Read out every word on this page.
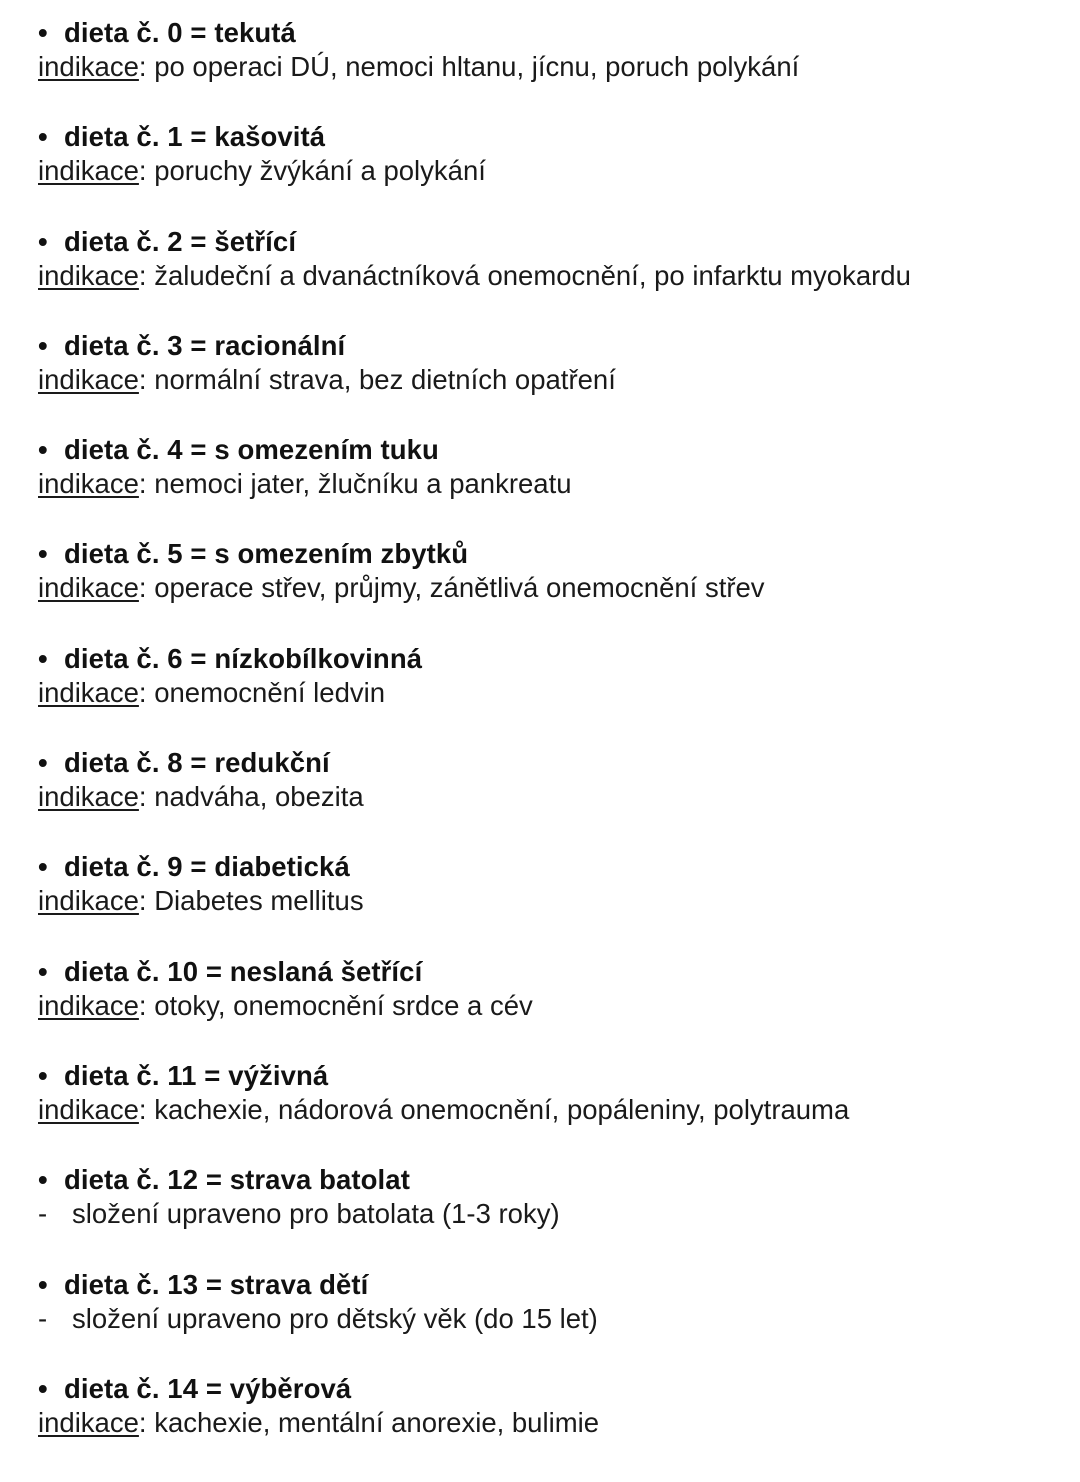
• dieta č. 0 = tekutá
indikace: po operaci DÚ, nemoci hltanu, jícnu, poruch polykání
• dieta č. 1 = kašovitá
indikace: poruchy žvýkání a polykání
• dieta č. 2 = šetřící
indikace: žaludeční a dvanáctníková onemocnění, po infarktu myokardu
• dieta č. 3 = racionální
indikace: normální strava, bez dietních opatření
• dieta č. 4 = s omezením tuku
indikace: nemoci jater, žlučníku a pankreatu
• dieta č. 5 = s omezením zbytků
indikace: operace střev, průjmy, zánětlivá onemocnění střev
• dieta č. 6 = nízkobílkovinná
indikace: onemocnění ledvin
• dieta č. 8 = redukční
indikace: nadváha, obezita
• dieta č. 9 = diabetická
indikace: Diabetes mellitus
• dieta č. 10 = neslaná šetřící
indikace: otoky, onemocnění srdce a cév
• dieta č. 11 = výživná
indikace: kachexie, nádorová onemocnění, popáleniny, polytrauma
• dieta č. 12 = strava batolat
- složení upraveno pro batolata (1-3 roky)
• dieta č. 13 = strava dětí
- složení upraveno pro dětský věk (do 15 let)
• dieta č. 14 = výběrová
indikace: kachexie, mentální anorexie, bulimie
